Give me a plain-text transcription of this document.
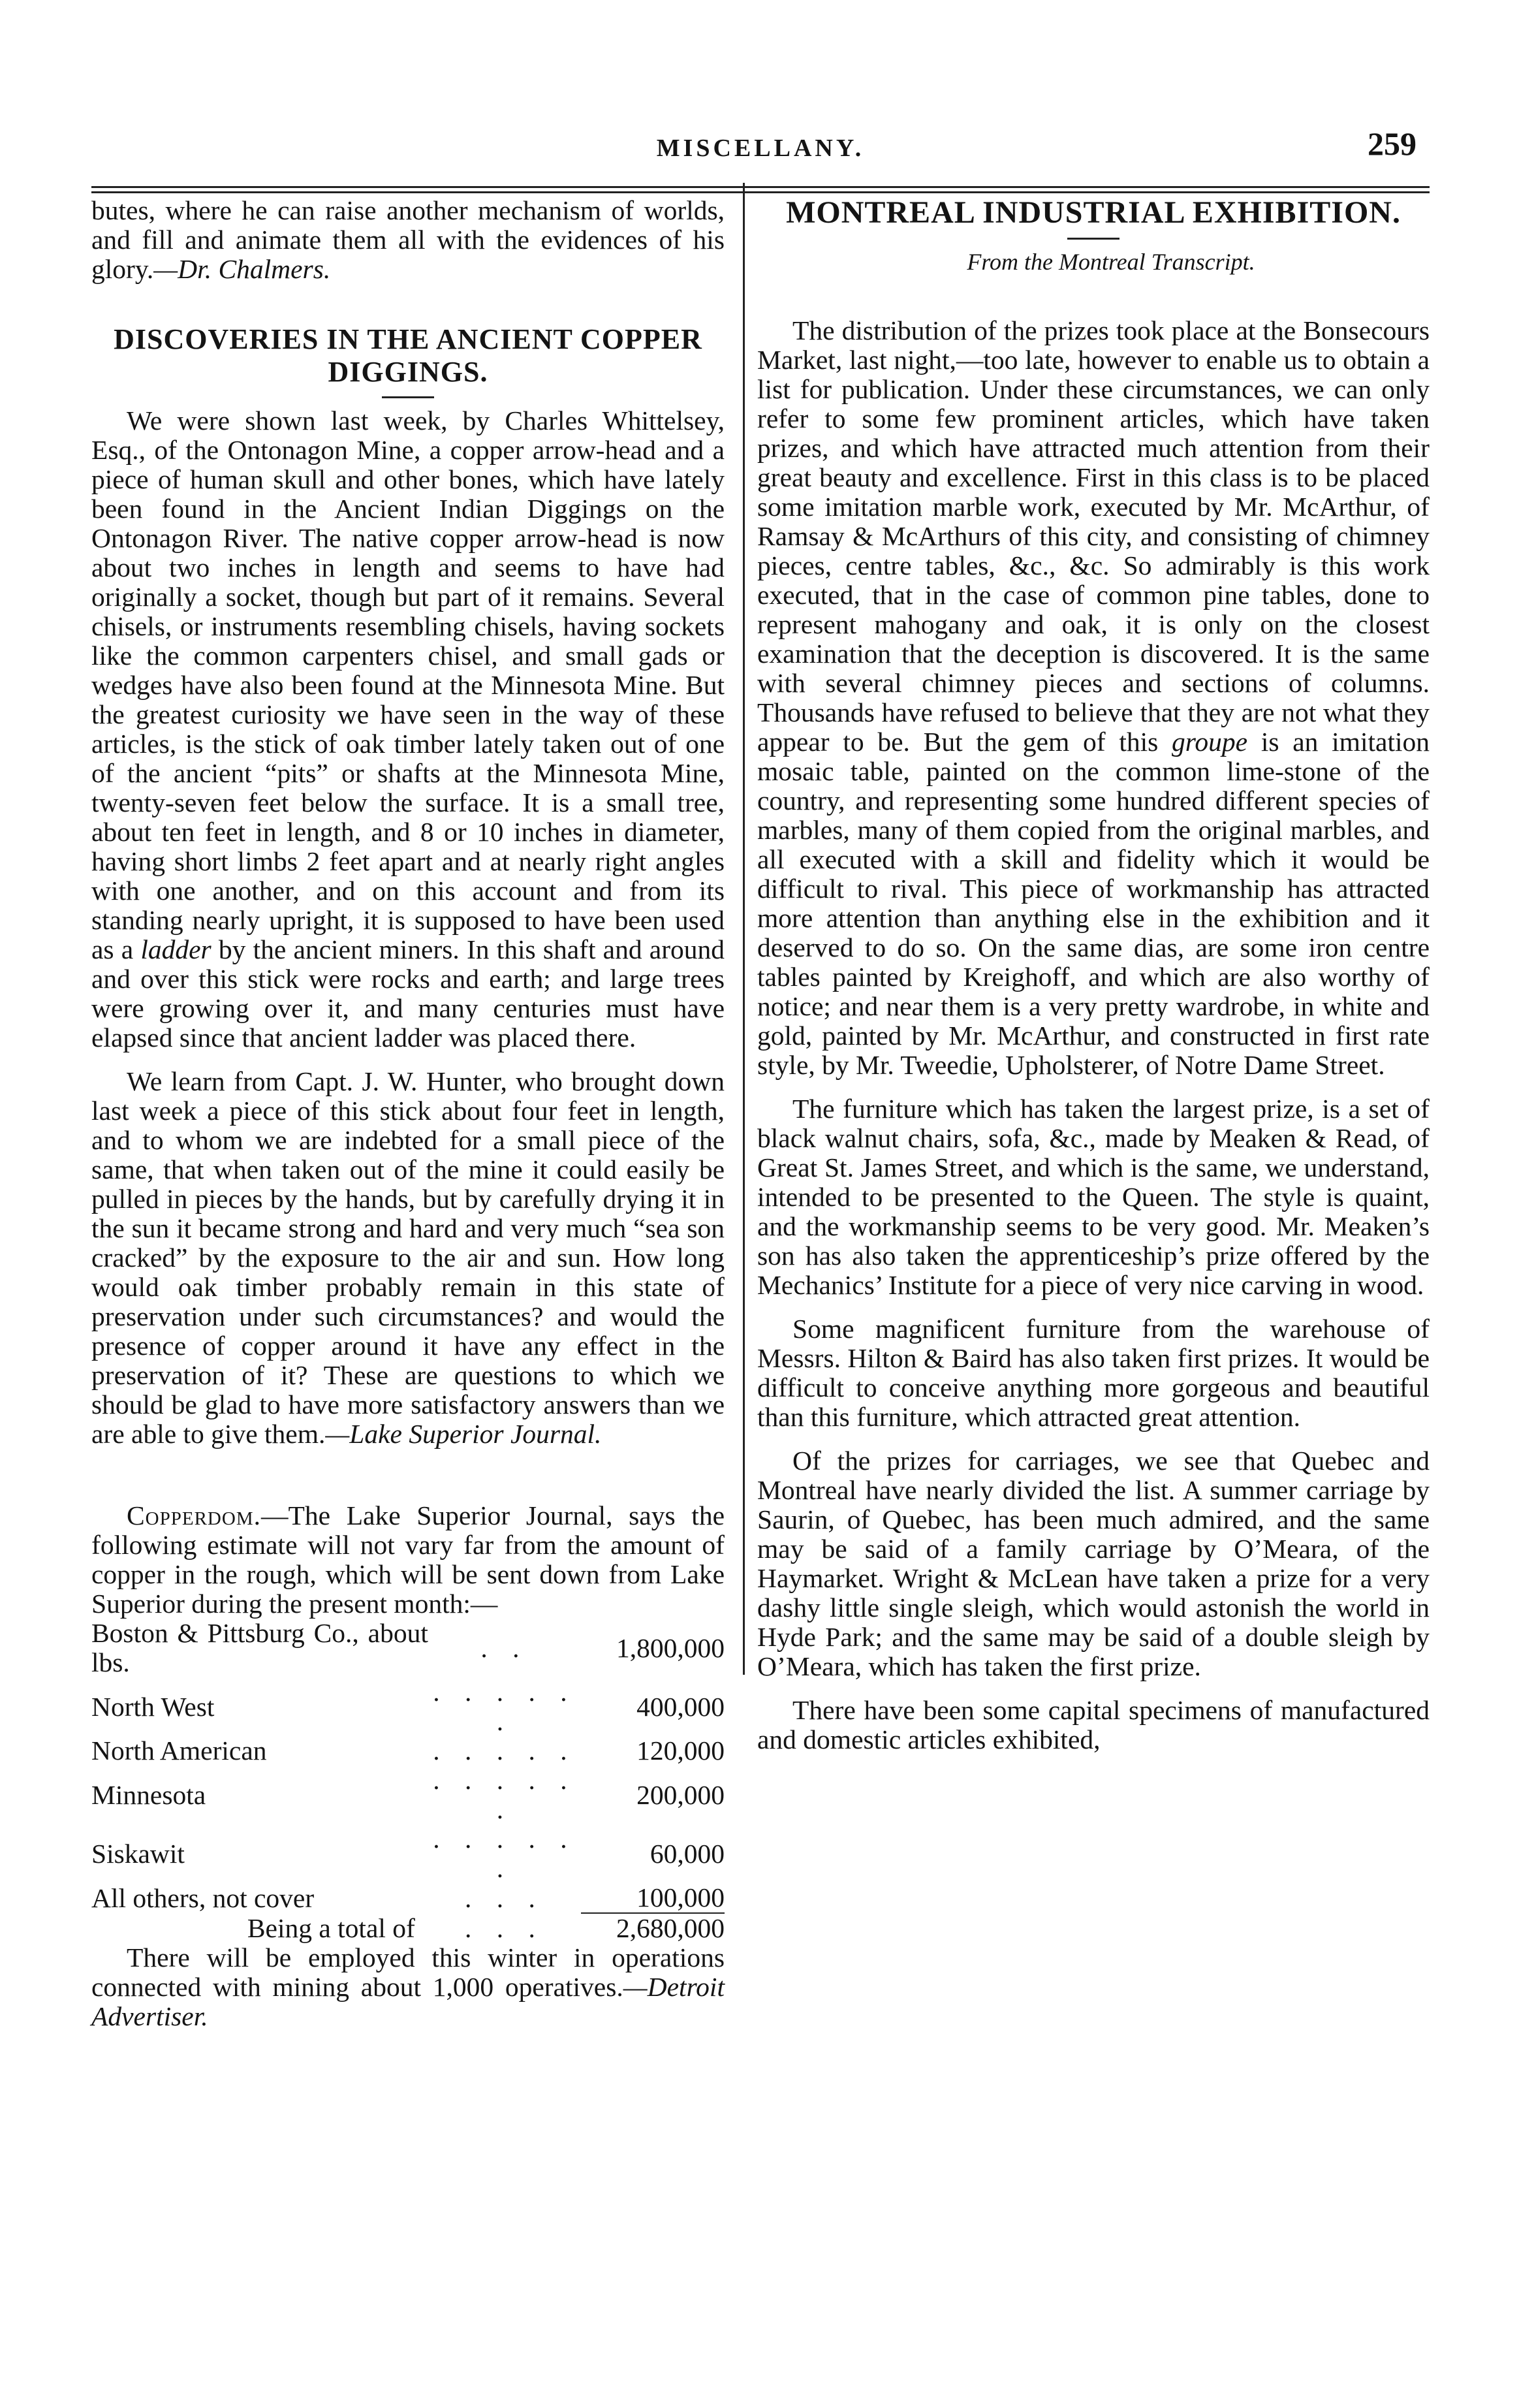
MISCELLANY.	259

butes, where he can raise another mechanism of worlds, and fill and animate them all with the evidences of his glory.—Dr. Chalmers.

DISCOVERIES IN THE ANCIENT COPPER DIGGINGS.

We were shown last week, by Charles Whittelsey, Esq., of the Ontonagon Mine, a copper arrow-head and a piece of human skull and other bones, which have lately been found in the Ancient Indian Diggings on the Ontonagon River. The native copper arrow-head is now about two inches in length and seems to have had originally a socket, though but part of it remains. Several chisels, or instruments resembling chisels, having sockets like the common carpenters chisel, and small gads or wedges have also been found at the Minnesota Mine. But the greatest curiosity we have seen in the way of these articles, is the stick of oak timber lately taken out of one of the ancient “pits” or shafts at the Minnesota Mine, twenty-seven feet below the surface. It is a small tree, about ten feet in length, and 8 or 10 inches in diameter, having short limbs 2 feet apart and at nearly right angles with one another, and on this account and from its standing nearly upright, it is supposed to have been used as a ladder by the ancient miners. In this shaft and around and over this stick were rocks and earth; and large trees were growing over it, and many centuries must have elapsed since that ancient ladder was placed there.

We learn from Capt. J. W. Hunter, who brought down last week a piece of this stick about four feet in length, and to whom we are indebted for a small piece of the same, that when taken out of the mine it could easily be pulled in pieces by the hands, but by carefully drying it in the sun it became strong and hard and very much “sea son cracked” by the exposure to the air and sun. How long would oak timber probably remain in this state of preservation under such circumstances? and would the presence of copper around it have any effect in the preservation of it? These are questions to which we should be glad to have more satisfactory answers than we are able to give them.—Lake Superior Journal.

Copperdom.—The Lake Superior Journal, says the following estimate will not vary far from the amount of copper in the rough, which will be sent down from Lake Superior during the present month:—

Boston & Pittsburg Co., about lbs.	. .	1,800,000
North West	. . . . . .	400,000
North American	. . . . .	120,000
Minnesota	. . . . . .	200,000
Siskawit	. . . . . .	60,000
All others, not cover	. . .	100,000
Being a total of	. . .	2,680,000

There will be employed this winter in operations connected with mining about 1,000 operatives.—Detroit Advertiser.

MONTREAL INDUSTRIAL EXHIBITION.

From the Montreal Transcript.

The distribution of the prizes took place at the Bonsecours Market, last night,—too late, however to enable us to obtain a list for publication. Under these circumstances, we can only refer to some few prominent articles, which have taken prizes, and which have attracted much attention from their great beauty and excellence. First in this class is to be placed some imitation marble work, executed by Mr. McArthur, of Ramsay & McArthurs of this city, and consisting of chimney pieces, centre tables, &c., &c. So admirably is this work executed, that in the case of common pine tables, done to represent mahogany and oak, it is only on the closest examination that the deception is discovered. It is the same with several chimney pieces and sections of columns. Thousands have refused to believe that they are not what they appear to be. But the gem of this groupe is an imitation mosaic table, painted on the common lime-stone of the country, and representing some hundred different species of marbles, many of them copied from the original marbles, and all executed with a skill and fidelity which it would be difficult to rival. This piece of workmanship has attracted more attention than anything else in the exhibition and it deserved to do so. On the same dias, are some iron centre tables painted by Kreighoff, and which are also worthy of notice; and near them is a very pretty wardrobe, in white and gold, painted by Mr. McArthur, and constructed in first rate style, by Mr. Tweedie, Upholsterer, of Notre Dame Street.

The furniture which has taken the largest prize, is a set of black walnut chairs, sofa, &c., made by Meaken & Read, of Great St. James Street, and which is the same, we understand, intended to be presented to the Queen. The style is quaint, and the workmanship seems to be very good. Mr. Meaken’s son has also taken the apprenticeship’s prize offered by the Mechanics’ Institute for a piece of very nice carving in wood.

Some magnificent furniture from the warehouse of Messrs. Hilton & Baird has also taken first prizes. It would be difficult to conceive anything more gorgeous and beautiful than this furniture, which attracted great attention.

Of the prizes for carriages, we see that Quebec and Montreal have nearly divided the list. A summer carriage by Saurin, of Quebec, has been much admired, and the same may be said of a family carriage by O’Meara, of the Haymarket. Wright & McLean have taken a prize for a very dashy little single sleigh, which would astonish the world in Hyde Park; and the same may be said of a double sleigh by O’Meara, which has taken the first prize.

There have been some capital specimens of manufactured and domestic articles exhibited,
